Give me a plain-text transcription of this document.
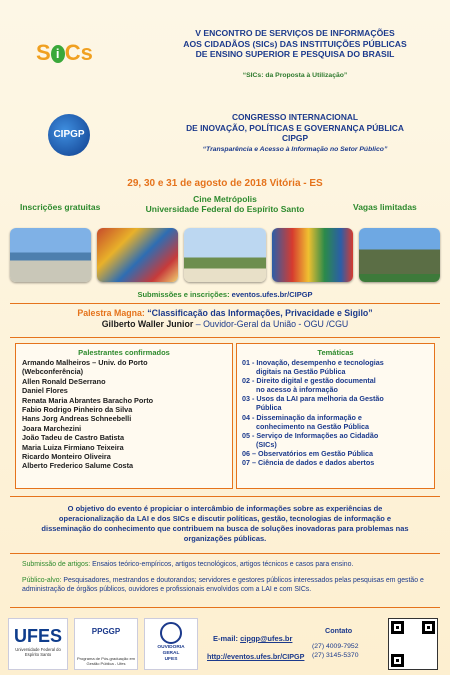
S i Cs
V ENCONTRO DE SERVIÇOS DE INFORMAÇÕES
AOS CIDADÃOS (SICs) DAS INSTITUIÇÕES PÚBLICAS
DE ENSINO SUPERIOR E PESQUISA DO BRASIL
“SICs: da Proposta à Utilização”
CIPGP
CONGRESSO INTERNACIONAL
DE INOVAÇÃO, POLÍTICAS E GOVERNANÇA PÚBLICA
CIPGP
“Transparência e Acesso à Informação no Setor Público”
29, 30 e 31 de agosto de 2018 Vitória - ES
Cine Metrópolis
Universidade Federal do Espírito Santo
Inscrições gratuitas	Vagas limitadas
Submissões e inscrições: eventos.ufes.br/CIPGP
Palestra Magna: “Classificação das Informações, Privacidade e Sigilo”
Gilberto Waller Junior – Ouvidor-Geral da União - OGU /CGU
Palestrantes confirmados
Armando Malheiros – Univ. do Porto
(Webconferência)
Allen Ronald DeSerrano
Daniel Flores
Renata Maria Abrantes Baracho Porto
Fabio Rodrigo Pinheiro da Silva
Hans Jorg Andreas Schneebelli
Joara Marchezini
João Tadeu de Castro Batista
Maria Luiza Firmiano Teixeira
Ricardo Monteiro Oliveira
Alberto Frederico Salume Costa
Temáticas
01 - Inovação, desempenho e tecnologias
digitais na Gestão Pública
02 - Direito digital e gestão documental
no acesso à informação
03 - Usos da LAI para melhoria da Gestão
Pública
04 - Disseminação da informação e
conhecimento na Gestão Pública
05 - Serviço de Informações ao Cidadão
(SICs)
06 – Observatórios em Gestão Pública
07 – Ciência de dados e dados abertos
O objetivo do evento é propiciar o intercâmbio de informações sobre as experiências de operacionalização da LAI e dos SICs e discutir políticas, gestão, tecnologias de informação e disseminação do conhecimento que contribuem na busca de soluções inovadoras para problemas nas organizações públicas.
Submissão de artigos: Ensaios teórico-empíricos, artigos tecnológicos, artigos técnicos e casos para ensino.
Público-alvo: Pesquisadores, mestrandos e doutorandos; servidores e gestores públicos interessados pelas pesquisas em gestão e administração de órgãos públicos, ouvidores e profissionais envolvidos com a LAI e com SICs.
UFES
Universidade Federal do Espírito Santo
PPGGP
Programa de Pós-graduação em Gestão Pública - Ufes
OUVIDORIA
GERAL
UFES
E-mail: cipgp@ufes.br
http://eventos.ufes.br/CIPGP
Contato
(27) 4009-7952
(27) 3145-5370
